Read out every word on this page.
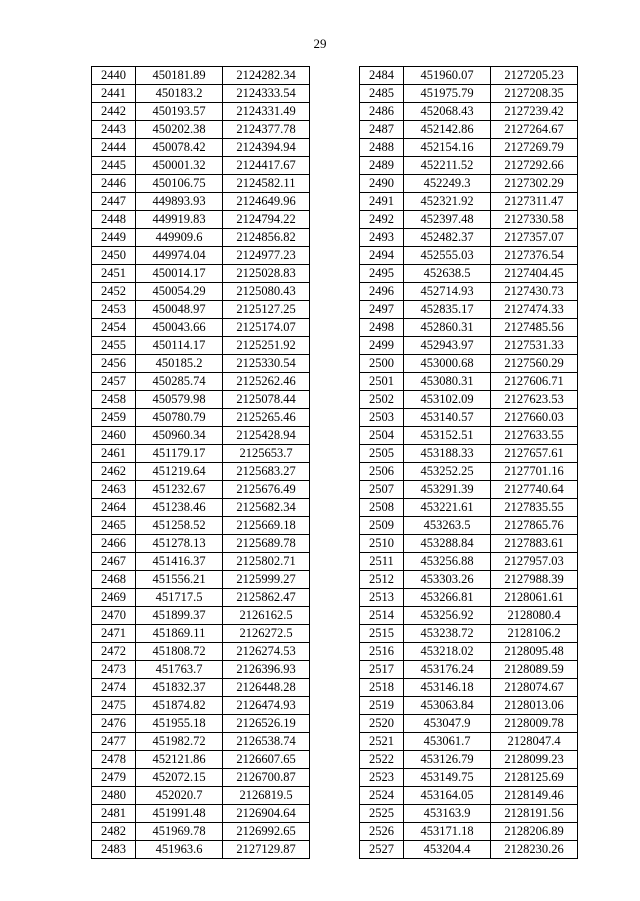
29
2440	450181.89	2124282.34
2441	450183.2	2124333.54
2442	450193.57	2124331.49
2443	450202.38	2124377.78
2444	450078.42	2124394.94
2445	450001.32	2124417.67
2446	450106.75	2124582.11
2447	449893.93	2124649.96
2448	449919.83	2124794.22
2449	449909.6	2124856.82
2450	449974.04	2124977.23
2451	450014.17	2125028.83
2452	450054.29	2125080.43
2453	450048.97	2125127.25
2454	450043.66	2125174.07
2455	450114.17	2125251.92
2456	450185.2	2125330.54
2457	450285.74	2125262.46
2458	450579.98	2125078.44
2459	450780.79	2125265.46
2460	450960.34	2125428.94
2461	451179.17	2125653.7
2462	451219.64	2125683.27
2463	451232.67	2125676.49
2464	451238.46	2125682.34
2465	451258.52	2125669.18
2466	451278.13	2125689.78
2467	451416.37	2125802.71
2468	451556.21	2125999.27
2469	451717.5	2125862.47
2470	451899.37	2126162.5
2471	451869.11	2126272.5
2472	451808.72	2126274.53
2473	451763.7	2126396.93
2474	451832.37	2126448.28
2475	451874.82	2126474.93
2476	451955.18	2126526.19
2477	451982.72	2126538.74
2478	452121.86	2126607.65
2479	452072.15	2126700.87
2480	452020.7	2126819.5
2481	451991.48	2126904.64
2482	451969.78	2126992.65
2483	451963.6	2127129.87
2484	451960.07	2127205.23
2485	451975.79	2127208.35
2486	452068.43	2127239.42
2487	452142.86	2127264.67
2488	452154.16	2127269.79
2489	452211.52	2127292.66
2490	452249.3	2127302.29
2491	452321.92	2127311.47
2492	452397.48	2127330.58
2493	452482.37	2127357.07
2494	452555.03	2127376.54
2495	452638.5	2127404.45
2496	452714.93	2127430.73
2497	452835.17	2127474.33
2498	452860.31	2127485.56
2499	452943.97	2127531.33
2500	453000.68	2127560.29
2501	453080.31	2127606.71
2502	453102.09	2127623.53
2503	453140.57	2127660.03
2504	453152.51	2127633.55
2505	453188.33	2127657.61
2506	453252.25	2127701.16
2507	453291.39	2127740.64
2508	453221.61	2127835.55
2509	453263.5	2127865.76
2510	453288.84	2127883.61
2511	453256.88	2127957.03
2512	453303.26	2127988.39
2513	453266.81	2128061.61
2514	453256.92	2128080.4
2515	453238.72	2128106.2
2516	453218.02	2128095.48
2517	453176.24	2128089.59
2518	453146.18	2128074.67
2519	453063.84	2128013.06
2520	453047.9	2128009.78
2521	453061.7	2128047.4
2522	453126.79	2128099.23
2523	453149.75	2128125.69
2524	453164.05	2128149.46
2525	453163.9	2128191.56
2526	453171.18	2128206.89
2527	453204.4	2128230.26
